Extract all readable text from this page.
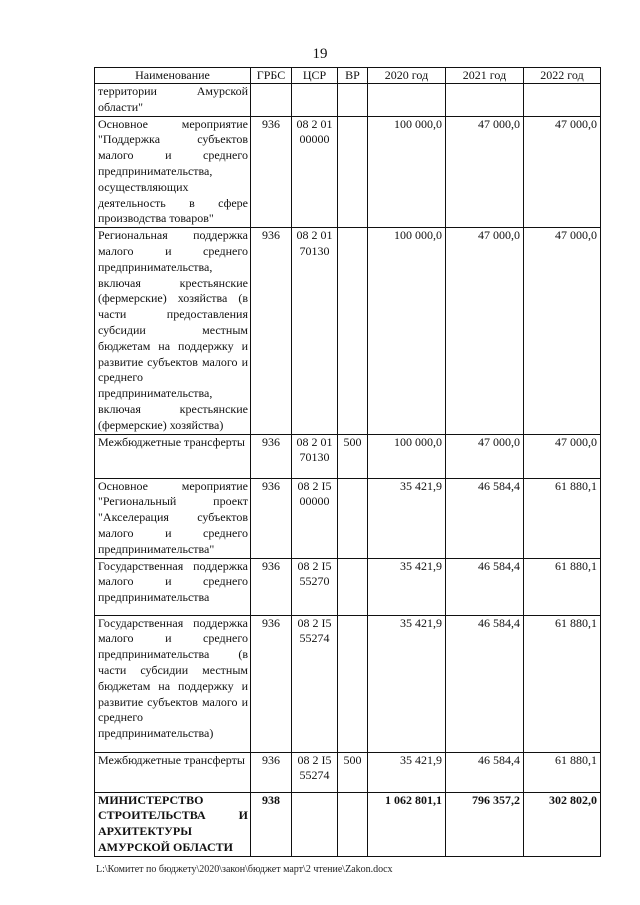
19
Наименование	ГРБС	ЦСР	ВР	2020 год	2021 год	2022 год
территории Амурской области"						
Основное мероприятие "Поддержка субъектов малого и среднего предпринимательства, осуществляющих деятельность в сфере производства товаров"	936	08 2 01 00000		100 000,0	47 000,0	47 000,0
Региональная поддержка малого и среднего предпринимательства, включая крестьянские (фермерские) хозяйства (в части предоставления субсидии местным бюджетам на поддержку и развитие субъектов малого и среднего предпринимательства, включая крестьянские (фермерские) хозяйства)	936	08 2 01 70130		100 000,0	47 000,0	47 000,0
Межбюджетные трансферты	936	08 2 01 70130	500	100 000,0	47 000,0	47 000,0
Основное мероприятие "Региональный проект "Акселерация субъектов малого и среднего предпринимательства"	936	08 2 I5 00000		35 421,9	46 584,4	61 880,1
Государственная поддержка малого и среднего предпринимательства	936	08 2 I5 55270		35 421,9	46 584,4	61 880,1
Государственная поддержка малого и среднего предпринимательства (в части субсидии местным бюджетам на поддержку и развитие субъектов малого и среднего предпринимательства)	936	08 2 I5 55274		35 421,9	46 584,4	61 880,1
Межбюджетные трансферты	936	08 2 I5 55274	500	35 421,9	46 584,4	61 880,1
МИНИСТЕРСТВО СТРОИТЕЛЬСТВА И АРХИТЕКТУРЫ АМУРСКОЙ ОБЛАСТИ	938			1 062 801,1	796 357,2	302 802,0
L:\Комитет по бюджету\2020\закон\бюджет март\2 чтение\Zakon.docx
